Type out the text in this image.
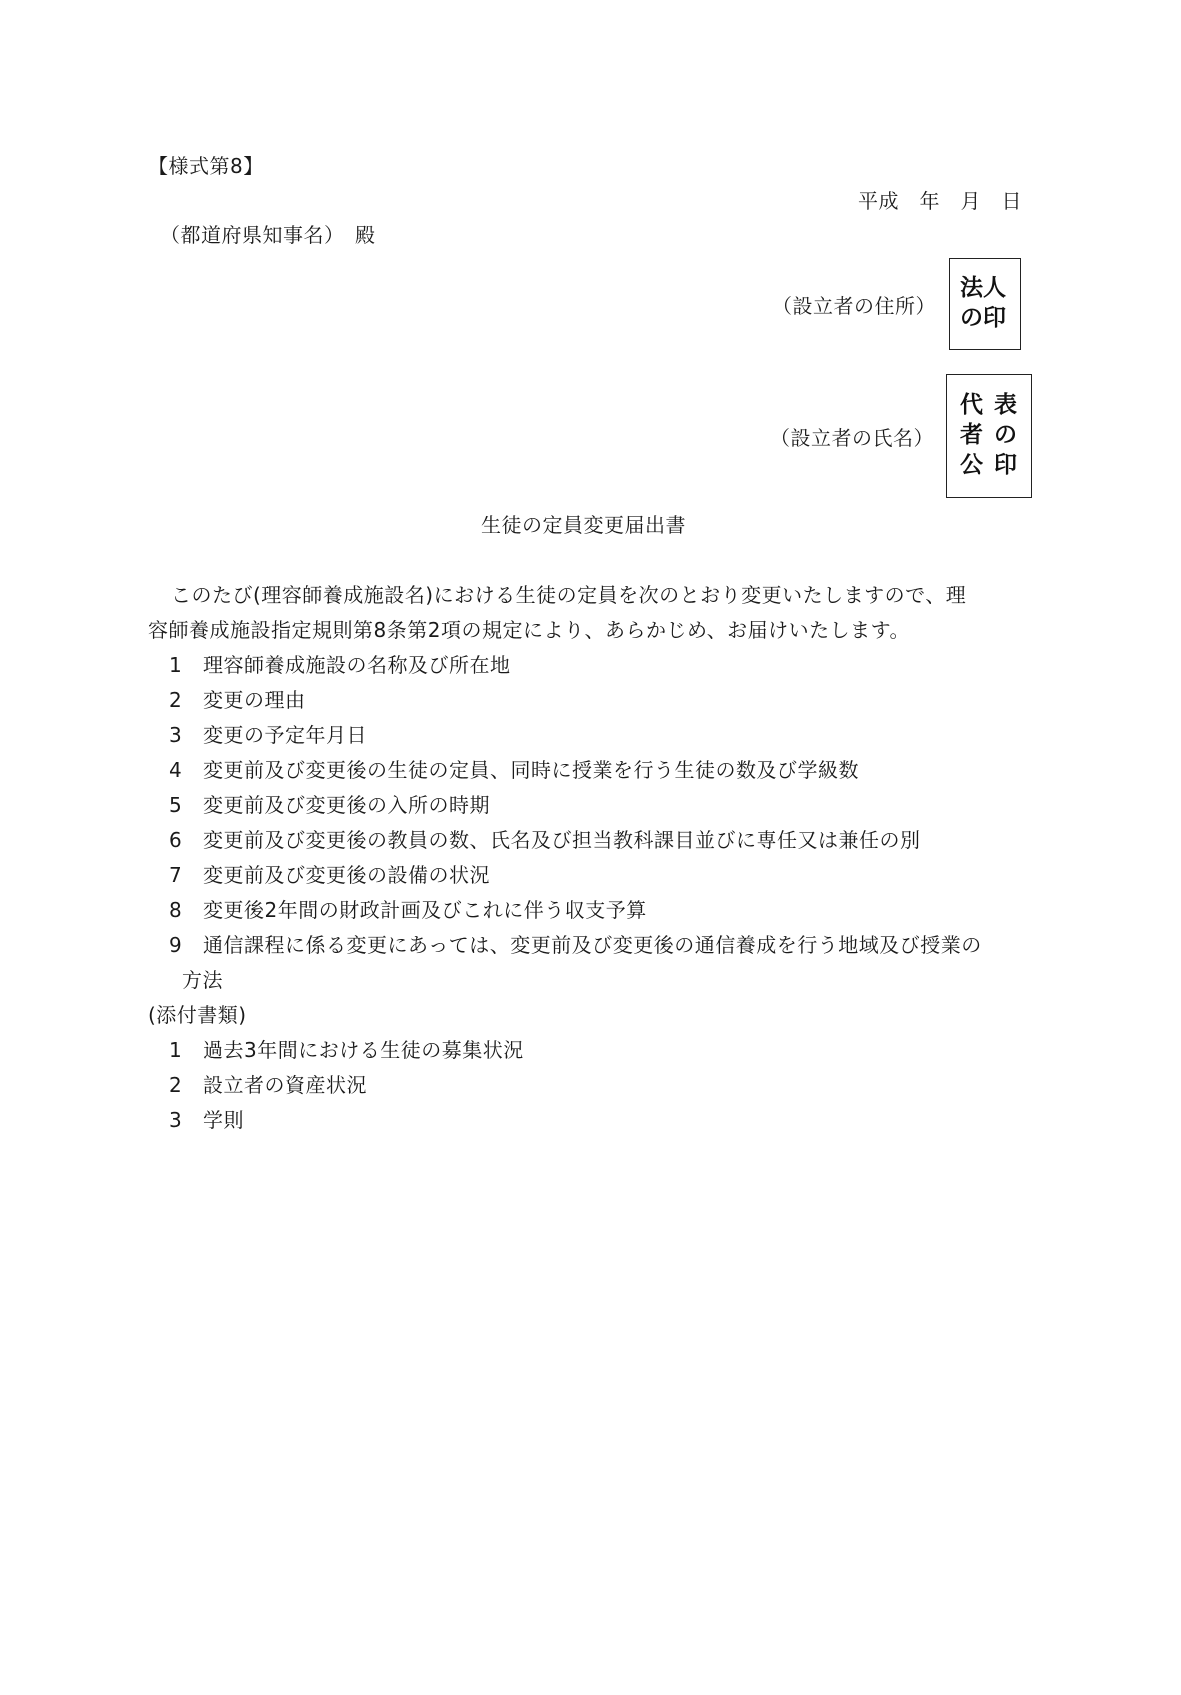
【様式第8】
平成　年　月　日
（都道府県知事名）　殿
（設立者の住所）
法人
の印
（設立者の氏名）
代 表
者 の
公 印
生徒の定員変更届出書
このたび(理容師養成施設名)における生徒の定員を次のとおり変更いたしますので、理
容師養成施設指定規則第8条第2項の規定により、あらかじめ、お届けいたします。
1 理容師養成施設の名称及び所在地
2 変更の理由
3 変更の予定年月日
4 変更前及び変更後の生徒の定員、同時に授業を行う生徒の数及び学級数
5 変更前及び変更後の入所の時期
6 変更前及び変更後の教員の数、氏名及び担当教科課目並びに専任又は兼任の別
7 変更前及び変更後の設備の状況
8 変更後2年間の財政計画及びこれに伴う収支予算
9 通信課程に係る変更にあっては、変更前及び変更後の通信養成を行う地域及び授業の
方法
(添付書類)
1 過去3年間における生徒の募集状況
2 設立者の資産状況
3 学則
